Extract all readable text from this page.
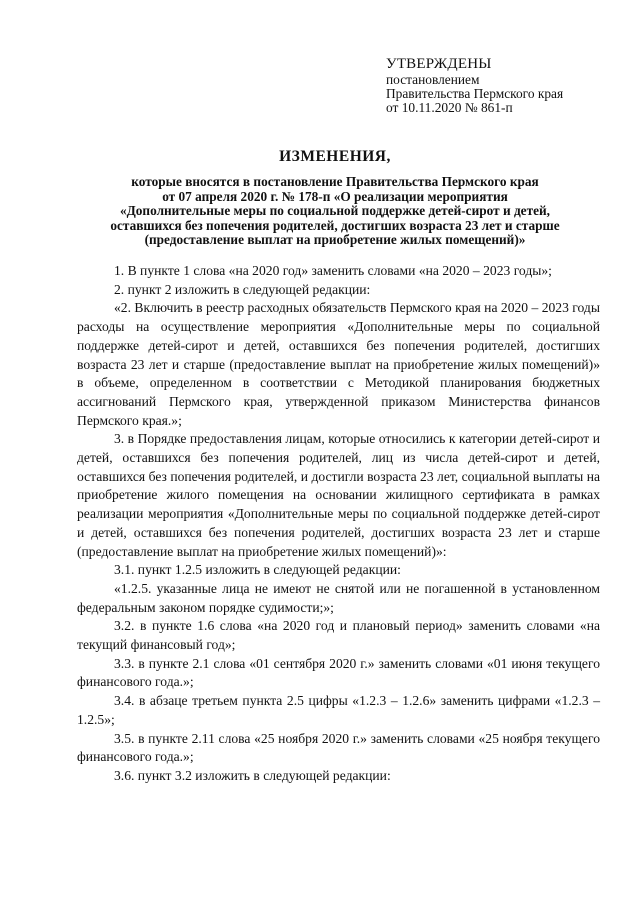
УТВЕРЖДЕНЫ
постановлением
Правительства Пермского края
от 10.11.2020 № 861-п
ИЗМЕНЕНИЯ,
которые вносятся в постановление Правительства Пермского края
от 07 апреля 2020 г. № 178-п «О реализации мероприятия
«Дополнительные меры по социальной поддержке детей-сирот и детей,
оставшихся без попечения родителей, достигших возраста 23 лет и старше
(предоставление выплат на приобретение жилых помещений)»

1. В пункте 1 слова «на 2020 год» заменить словами «на 2020 – 2023 годы»;

2. пункт 2 изложить в следующей редакции:

«2. Включить в реестр расходных обязательств Пермского края на 2020 – 2023 годы расходы на осуществление мероприятия «Дополнительные меры по социальной поддержке детей-сирот и детей, оставшихся без попечения родителей, достигших возраста 23 лет и старше (предоставление выплат на приобретение жилых помещений)» в объеме, определенном в соответствии с Методикой планирования бюджетных ассигнований Пермского края, утвержденной приказом Министерства финансов Пермского края.»;

3. в Порядке предоставления лицам, которые относились к категории детей-сирот и детей, оставшихся без попечения родителей, лиц из числа детей-сирот и детей, оставшихся без попечения родителей, и достигли возраста 23 лет, социальной выплаты на приобретение жилого помещения на основании жилищного сертификата в рамках реализации мероприятия «Дополнительные меры по социальной поддержке детей-сирот и детей, оставшихся без попечения родителей, достигших возраста 23 лет и старше (предоставление выплат на приобретение жилых помещений)»:

3.1. пункт 1.2.5 изложить в следующей редакции:

«1.2.5. указанные лица не имеют не снятой или не погашенной в установленном федеральным законом порядке судимости;»;

3.2. в пункте 1.6 слова «на 2020 год и плановый период» заменить словами «на текущий финансовый год»;

3.3. в пункте 2.1 слова «01 сентября 2020 г.» заменить словами «01 июня текущего финансового года.»;

3.4. в абзаце третьем пункта 2.5 цифры «1.2.3 – 1.2.6» заменить цифрами «1.2.3 – 1.2.5»;

3.5. в пункте 2.11 слова «25 ноября 2020 г.» заменить словами «25 ноября текущего финансового года.»;

3.6. пункт 3.2 изложить в следующей редакции:
